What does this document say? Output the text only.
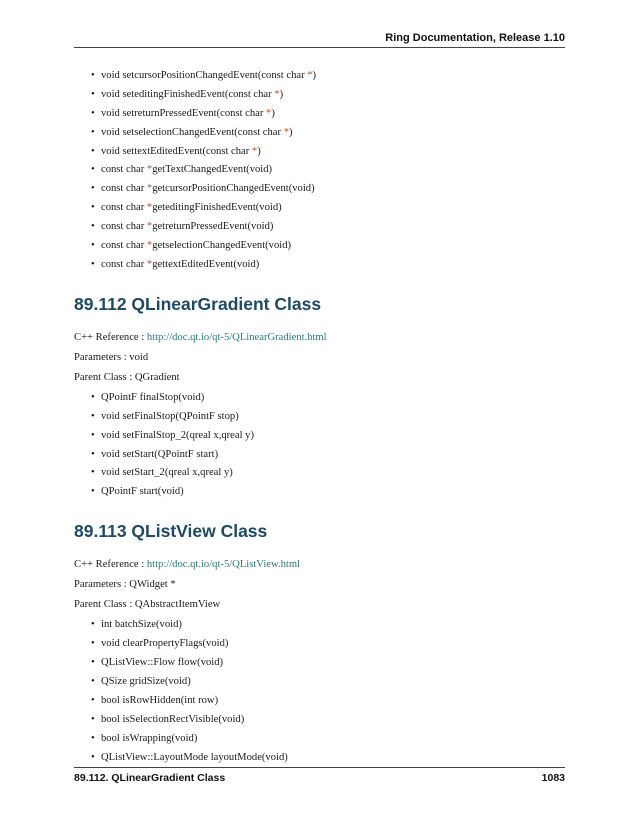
Ring Documentation, Release 1.10
• void setcursorPositionChangedEvent(const char *)
• void seteditingFinishedEvent(const char *)
• void setreturnPressedEvent(const char *)
• void setselectionChangedEvent(const char *)
• void settextEditedEvent(const char *)
• const char *getTextChangedEvent(void)
• const char *getcursorPositionChangedEvent(void)
• const char *geteditingFinishedEvent(void)
• const char *getreturnPressedEvent(void)
• const char *getselectionChangedEvent(void)
• const char *gettextEditedEvent(void)
89.112 QLinearGradient Class

C++ Reference : http://doc.qt.io/qt-5/QLinearGradient.html

Parameters : void

Parent Class : QGradient

• QPointF finalStop(void)
• void setFinalStop(QPointF stop)
• void setFinalStop_2(qreal x,qreal y)
• void setStart(QPointF start)
• void setStart_2(qreal x,qreal y)
• QPointF start(void)
89.113 QListView Class

C++ Reference : http://doc.qt.io/qt-5/QListView.html

Parameters : QWidget *

Parent Class : QAbstractItemView

• int batchSize(void)
• void clearPropertyFlags(void)
• QListView::Flow flow(void)
• QSize gridSize(void)
• bool isRowHidden(int row)
• bool isSelectionRectVisible(void)
• bool isWrapping(void)
• QListView::LayoutMode layoutMode(void)
89.112. QLinearGradient Class	1083
